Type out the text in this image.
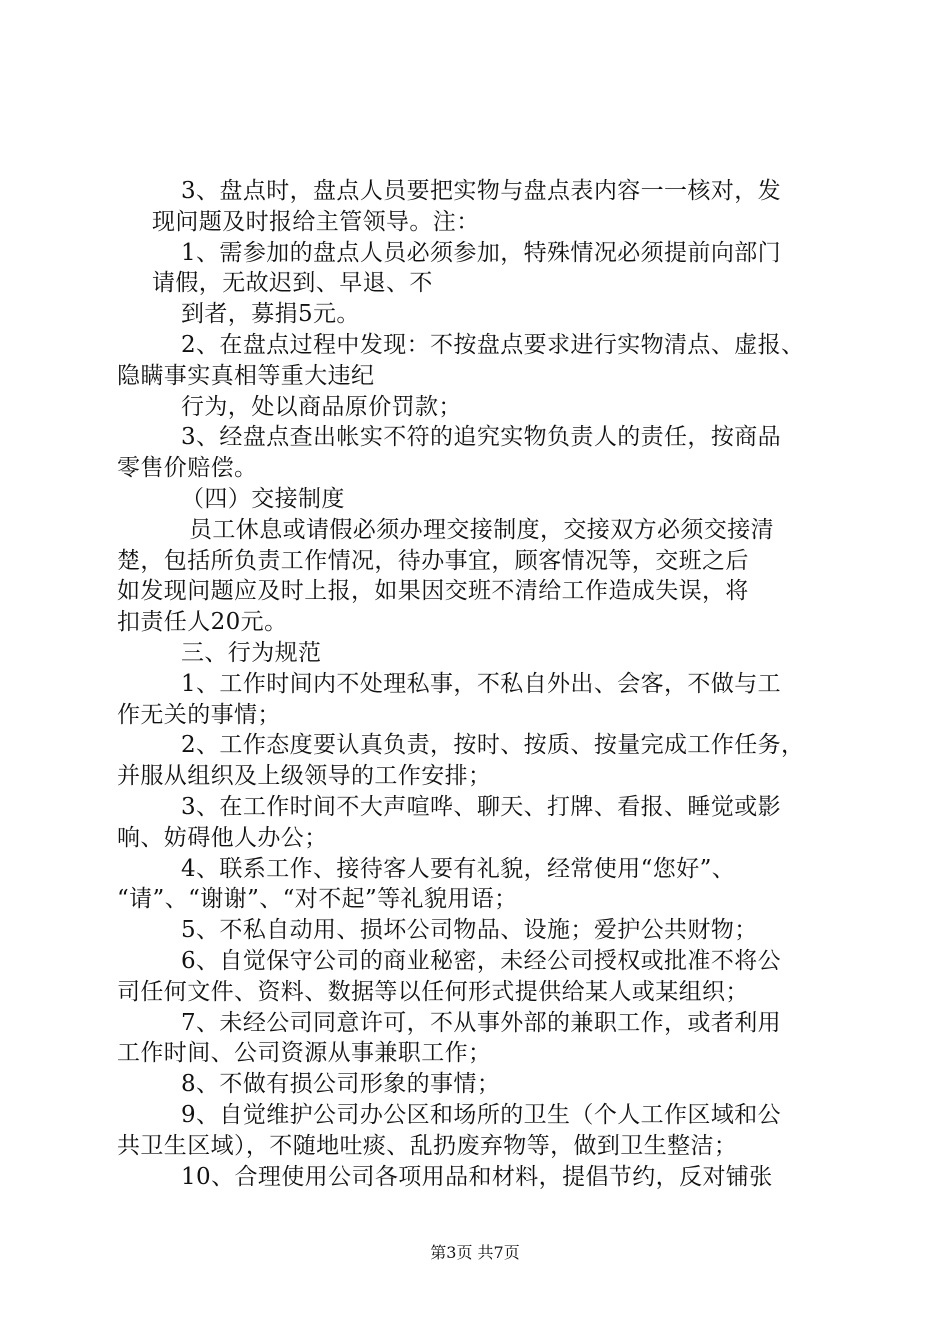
3、盘点时，盘点人员要把实物与盘点表内容一一核对，发
现问题及时报给主管领导。注：
1、需参加的盘点人员必须参加，特殊情况必须提前向部门
请假，无故迟到、早退、不
到者，募捐5元。
2、在盘点过程中发现：不按盘点要求进行实物清点、虚报、
隐瞒事实真相等重大违纪
行为，处以商品原价罚款；
3、经盘点查出帐实不符的追究实物负责人的责任，按商品
零售价赔偿。
（四）交接制度
员工休息或请假必须办理交接制度，交接双方必须交接清
楚，包括所负责工作情况，待办事宜，顾客情况等，交班之后
如发现问题应及时上报，如果因交班不清给工作造成失误，将
扣责任人20元。
三、行为规范
1、工作时间内不处理私事，不私自外出、会客，不做与工
作无关的事情；
2、工作态度要认真负责，按时、按质、按量完成工作任务，
并服从组织及上级领导的工作安排；
3、在工作时间不大声喧哗、聊天、打牌、看报、睡觉或影
响、妨碍他人办公；
4、联系工作、接待客人要有礼貌，经常使用“您好”、
“请”、“谢谢”、“对不起”等礼貌用语；
5、不私自动用、损坏公司物品、设施；爱护公共财物；
6、自觉保守公司的商业秘密，未经公司授权或批准不将公
司任何文件、资料、数据等以任何形式提供给某人或某组织；
7、未经公司同意许可，不从事外部的兼职工作，或者利用
工作时间、公司资源从事兼职工作；
8、不做有损公司形象的事情；
9、自觉维护公司办公区和场所的卫生（个人工作区域和公
共卫生区域），不随地吐痰、乱扔废弃物等，做到卫生整洁；
10、合理使用公司各项用品和材料，提倡节约，反对铺张
第3页 共7页
